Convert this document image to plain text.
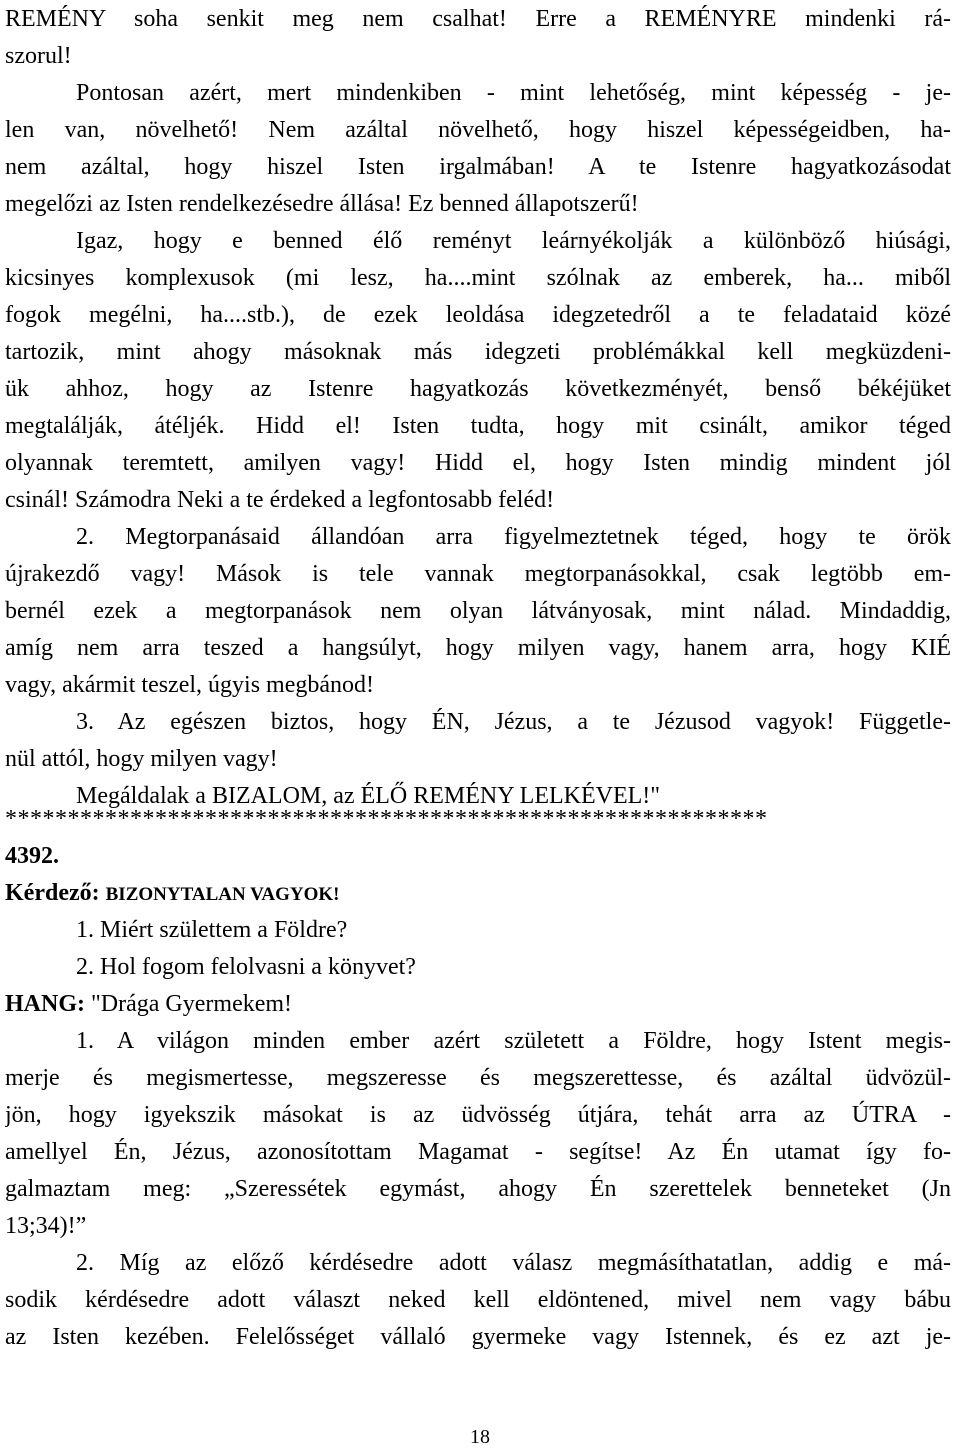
REMÉNY soha senkit meg nem csalhat! Erre a REMÉNYRE mindenki rá-
szorul!
Pontosan azért, mert mindenkiben - mint lehetőség, mint képesség - je-
len van, növelhető! Nem azáltal növelhető, hogy hiszel képességeidben, ha-
nem azáltal, hogy hiszel Isten irgalmában! A te Istenre hagyatkozásodat
megelőzi az Isten rendelkezésedre állása! Ez benned állapotszerű!
Igaz, hogy e benned élő reményt leárnyékolják a különböző hiúsági,
kicsinyes komplexusok (mi lesz, ha....mint szólnak az emberek, ha... miből
fogok megélni, ha....stb.), de ezek leoldása idegzetedről a te feladataid közé
tartozik, mint ahogy másoknak más idegzeti problémákkal kell megküzdeni-
ük ahhoz, hogy az Istenre hagyatkozás következményét, benső békéjüket
megtalálják, átéljék. Hidd el! Isten tudta, hogy mit csinált, amikor téged
olyannak teremtett, amilyen vagy! Hidd el, hogy Isten mindig mindent jól
csinál! Számodra Neki a te érdeked a legfontosabb feléd!
2. Megtorpanásaid állandóan arra figyelmeztetnek téged, hogy te örök
újrakezdő vagy! Mások is tele vannak megtorpanásokkal, csak legtöbb em-
bernél ezek a megtorpanások nem olyan látványosak, mint nálad. Mindaddig,
amíg nem arra teszed a hangsúlyt, hogy milyen vagy, hanem arra, hogy KIÉ
vagy, akármit teszel, úgyis megbánod!
3. Az egészen biztos, hogy ÉN, Jézus, a te Jézusod vagyok! Függetle-
nül attól, hogy milyen vagy!
Megáldalak a BIZALOM, az ÉLŐ REMÉNY LELKÉVEL!"
*************************************************************
4392.
Kérdező: BIZONYTALAN VAGYOK!
1. Miért születtem a Földre?
2. Hol fogom felolvasni a könyvet?
HANG: "Drága Gyermekem!
1. A világon minden ember azért született a Földre, hogy Istent megis-
merje és megismertesse, megszeresse és megszerettesse, és azáltal üdvözül-
jön, hogy igyekszik másokat is az üdvösség útjára, tehát arra az ÚTRA -
amellyel Én, Jézus, azonosítottam Magamat - segítse! Az Én utamat így fo-
galmaztam meg: „Szeressétek egymást, ahogy Én szerettelek benneteket (Jn
13;34)!”
2. Míg az előző kérdésedre adott válasz megmásíthatatlan, addig e má-
sodik kérdésedre adott választ neked kell eldöntened, mivel nem vagy bábu
az Isten kezében. Felelősséget vállaló gyermeke vagy Istennek, és ez azt je-
18
